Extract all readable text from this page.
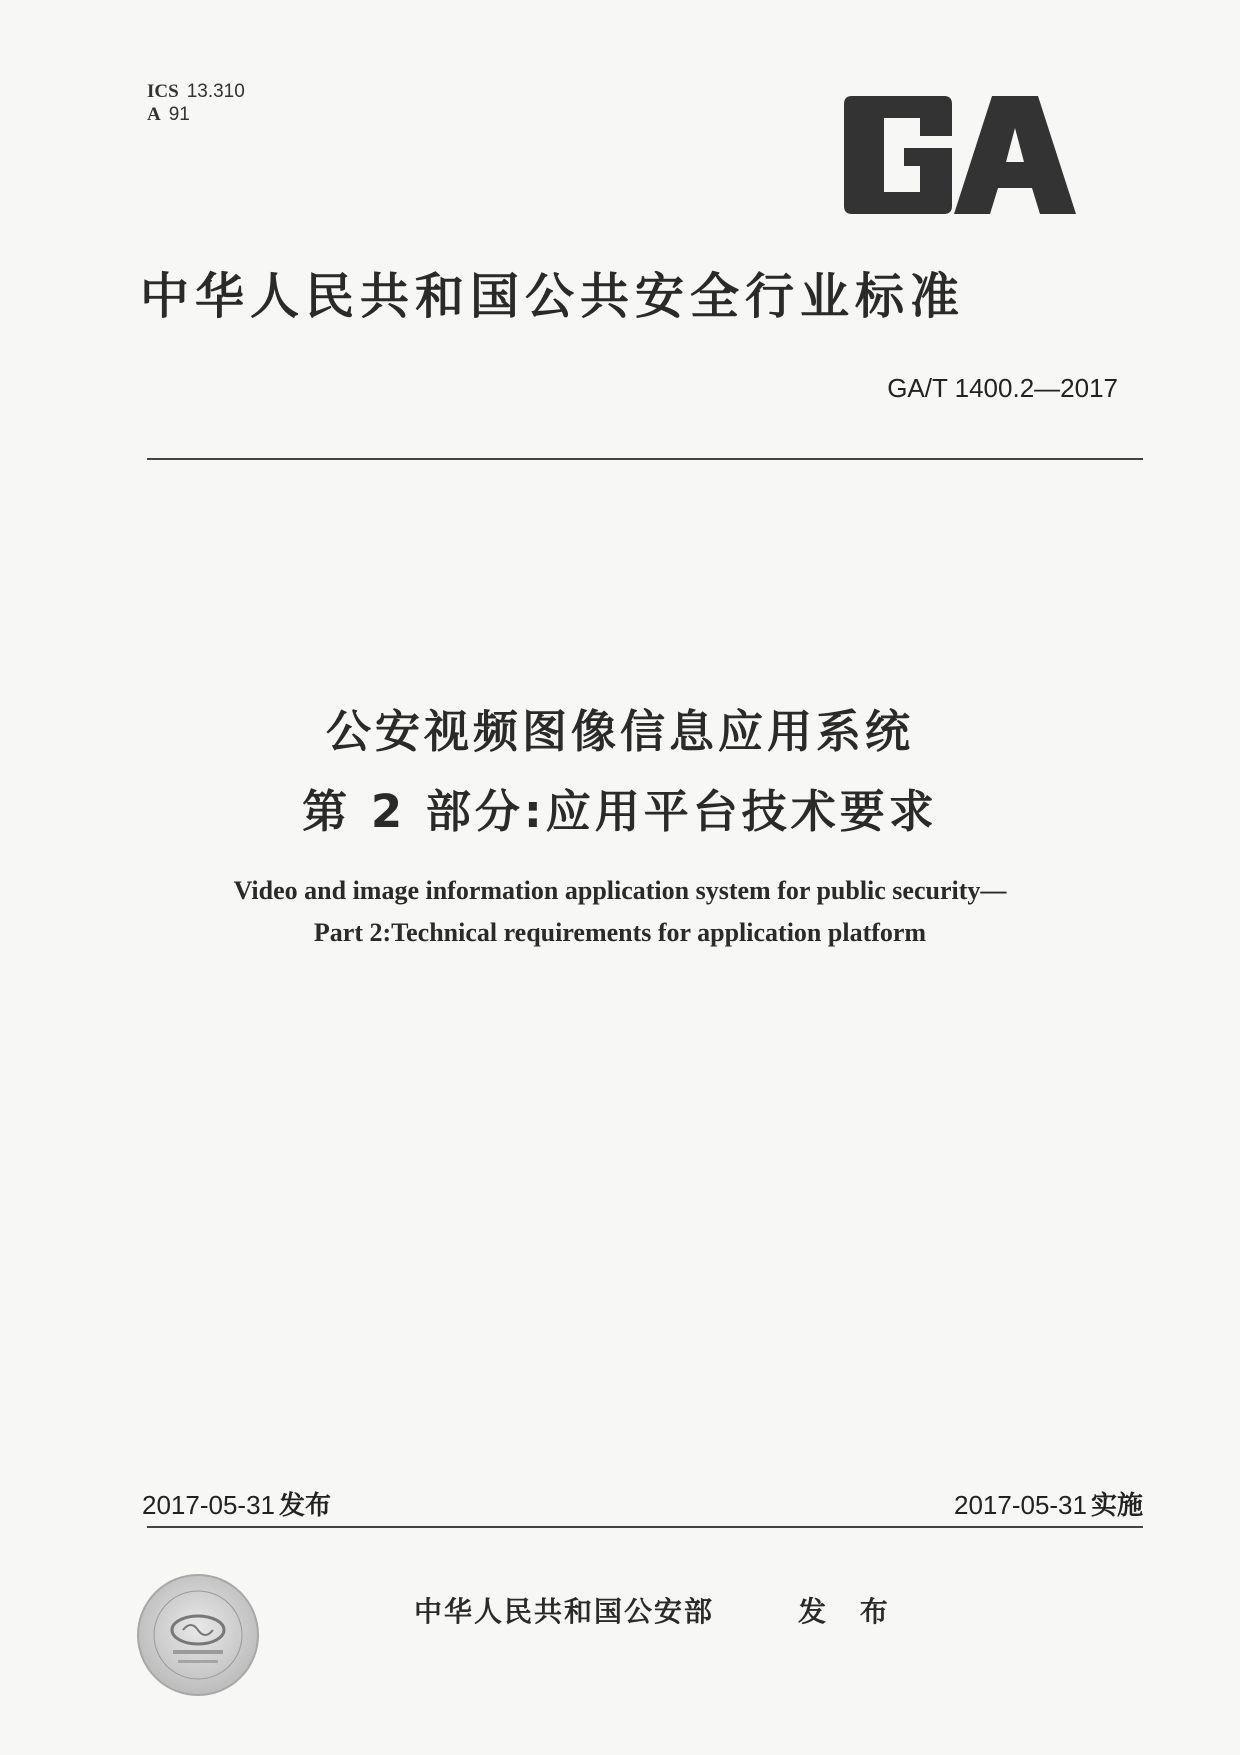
ICS 13.310
A 91
中华人民共和国公共安全行业标准
GA/T 1400.2—2017
公安视频图像信息应用系统
第 2 部分:应用平台技术要求
Video and image information application system for public security—
Part 2:Technical requirements for application platform
2017-05-31 发布	2017-05-31 实施
中华人民共和国公安部	发 布
